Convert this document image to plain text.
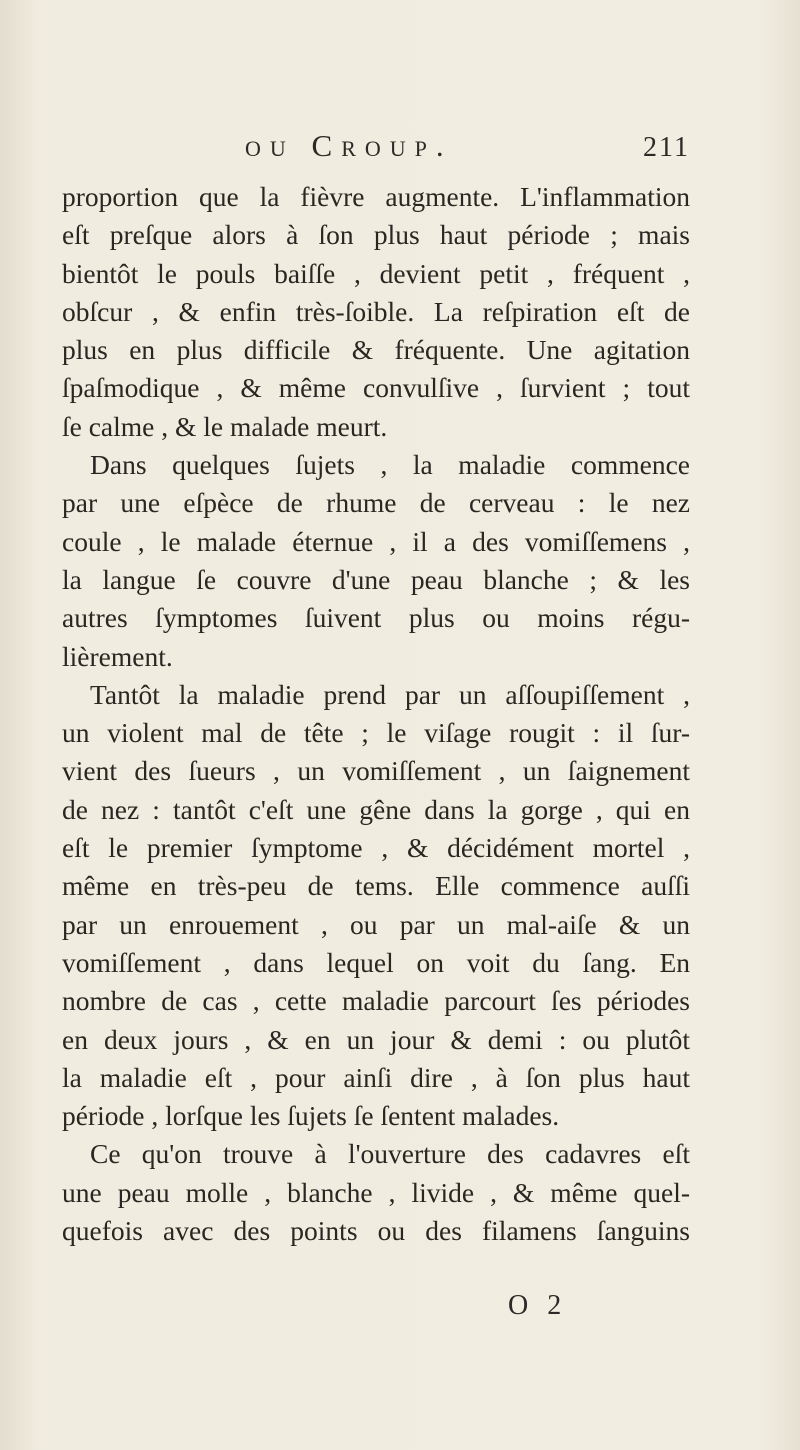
ou Croup.	211
proportion que la fièvre augmente. L'inflammation
eſt preſque alors à ſon plus haut période ; mais
bientôt le pouls baiſſe , devient petit , fréquent ,
obſcur , & enfin très-ſoible. La reſpiration eſt de
plus en plus difficile & fréquente. Une agitation
ſpaſmodique , & même convulſive , ſurvient ; tout
ſe calme , & le malade meurt.
Dans quelques ſujets , la maladie commence
par une eſpèce de rhume de cerveau : le nez
coule , le malade éternue , il a des vomiſſemens ,
la langue ſe couvre d'une peau blanche ; & les
autres ſymptomes ſuivent plus ou moins régu-
lièrement.
Tantôt la maladie prend par un aſſoupiſſement ,
un violent mal de tête ; le viſage rougit : il ſur-
vient des ſueurs , un vomiſſement , un ſaignement
de nez : tantôt c'eſt une gêne dans la gorge , qui en
eſt le premier ſymptome , & décidément mortel ,
même en très-peu de tems. Elle commence auſſi
par un enrouement , ou par un mal-aiſe & un
vomiſſement , dans lequel on voit du ſang. En
nombre de cas , cette maladie parcourt ſes périodes
en deux jours , & en un jour & demi : ou plutôt
la maladie eſt , pour ainſi dire , à ſon plus haut
période , lorſque les ſujets ſe ſentent malades.
Ce qu'on trouve à l'ouverture des cadavres eſt
une peau molle , blanche , livide , & même quel-
quefois avec des points ou des filamens ſanguins
O 2
